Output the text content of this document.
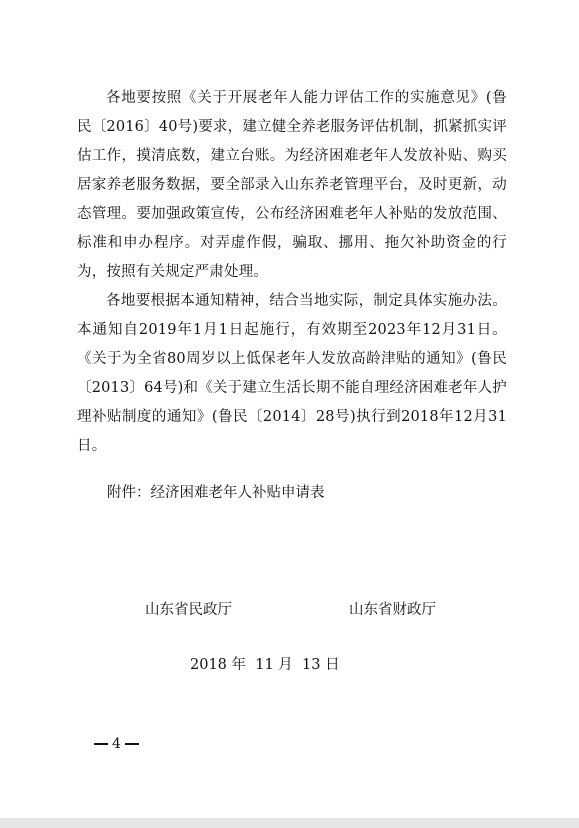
各地要按照《关于开展老年人能力评估工作的实施意见》(鲁民〔2016〕40号)要求，建立健全养老服务评估机制，抓紧抓实评估工作，摸清底数，建立台账。为经济困难老年人发放补贴、购买居家养老服务数据，要全部录入山东养老管理平台，及时更新，动态管理。要加强政策宣传，公布经济困难老年人补贴的发放范围、标准和申办程序。对弄虚作假，骗取、挪用、拖欠补助资金的行为，按照有关规定严肃处理。

各地要根据本通知精神，结合当地实际，制定具体实施办法。本通知自2019年1月1日起施行，有效期至2023年12月31日。《关于为全省80周岁以上低保老年人发放高龄津贴的通知》(鲁民〔2013〕64号)和《关于建立生活长期不能自理经济困难老年人护理补贴制度的通知》(鲁民〔2014〕28号)执行到2018年12月31日。

附件：经济困难老年人补贴申请表
山东省民政厅	山东省财政厅
2018 年  11 月  13 日
4
